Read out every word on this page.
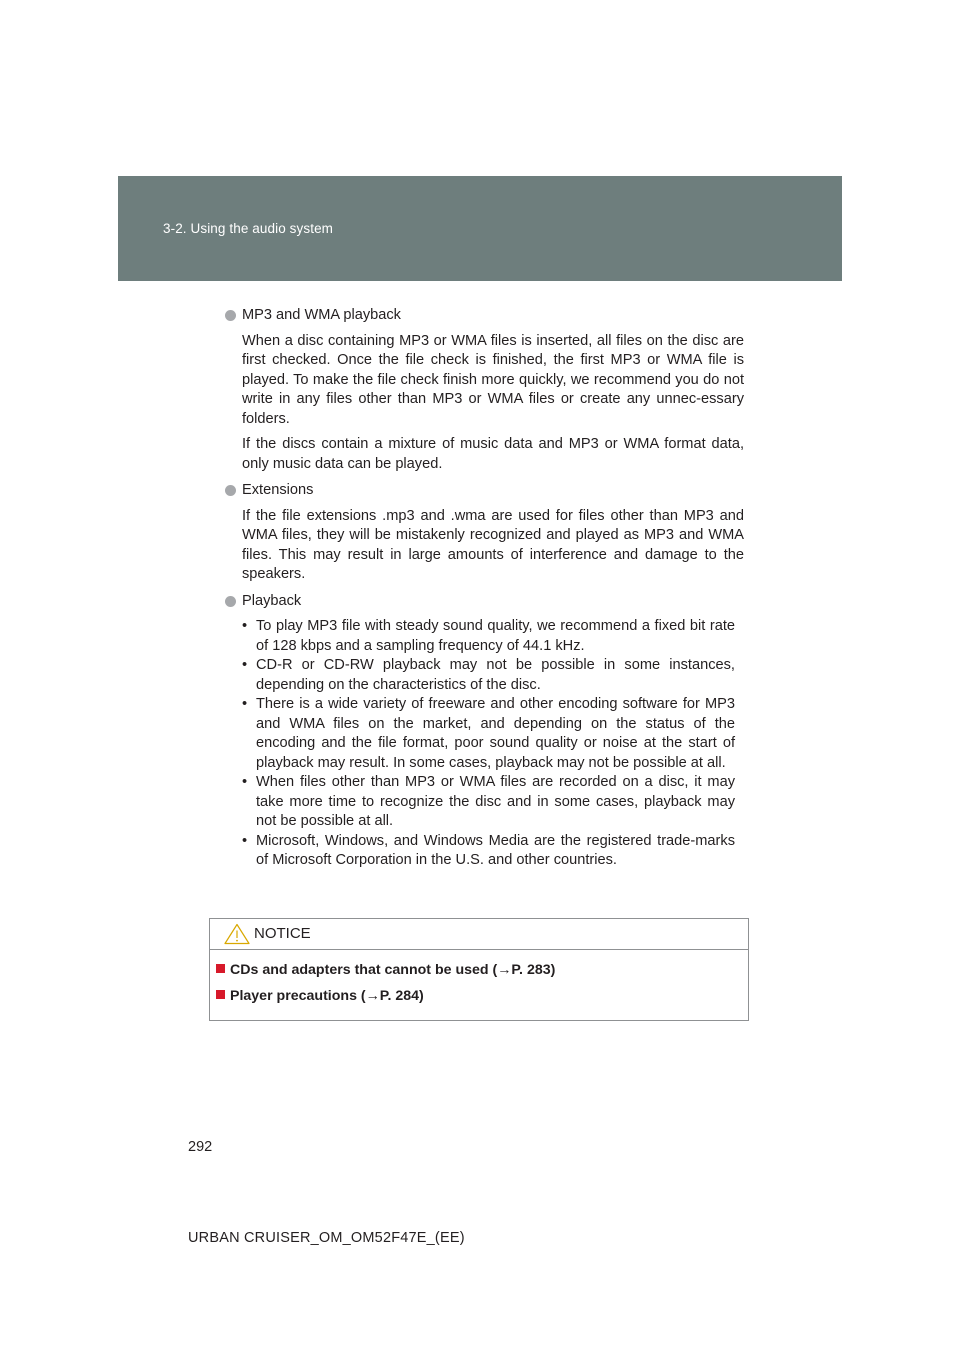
3-2. Using the audio system

MP3 and WMA playback

When a disc containing MP3 or WMA files is inserted, all files on the disc are first checked. Once the file check is finished, the first MP3 or WMA file is played. To make the file check finish more quickly, we recommend you do not write in any files other than MP3 or WMA files or create any unnec-essary folders.

If the discs contain a mixture of music data and MP3 or WMA format data, only music data can be played.

Extensions

If the file extensions .mp3 and .wma are used for files other than MP3 and WMA files, they will be mistakenly recognized and played as MP3 and WMA files. This may result in large amounts of interference and damage to the speakers.

Playback

• To play MP3 file with steady sound quality, we recommend a fixed bit rate of 128 kbps and a sampling frequency of 44.1 kHz.
• CD-R or CD-RW playback may not be possible in some instances, depending on the characteristics of the disc.
• There is a wide variety of freeware and other encoding software for MP3 and WMA files on the market, and depending on the status of the encoding and the file format, poor sound quality or noise at the start of playback may result. In some cases, playback may not be possible at all.
• When files other than MP3 or WMA files are recorded on a disc, it may take more time to recognize the disc and in some cases, playback may not be possible at all.
• Microsoft, Windows, and Windows Media are the registered trade-marks of Microsoft Corporation in the U.S. and other countries.
NOTICE
CDs and adapters that cannot be used (→P. 283)
Player precautions (→P. 284)
292
URBAN CRUISER_OM_OM52F47E_(EE)
